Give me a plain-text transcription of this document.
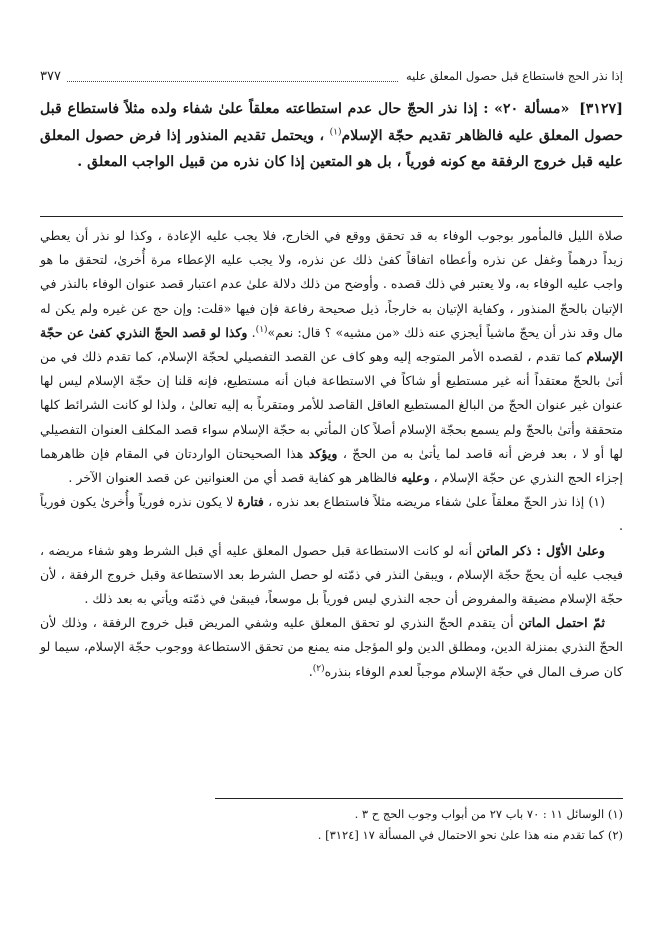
إذا نذر الحج فاستطاع قبل حصول المعلق عليه
٣٧٧
[٣١٢٧] «مسألة ٢٠» : إذا نذر الحجّ حال عدم استطاعته معلقاً علىٰ شفاء ولده مثلاً فاستطاع قبل حصول المعلق عليه فالظاهر تقديم حجّة الإسلام$^{(١)}$ ، ويحتمل تقديم المنذور إذا فرض حصول المعلق عليه قبل خروج الرفقة مع كونه فورياً ، بل هو المتعين إذا كان نذره من قبيل الواجب المعلق .

صلاة الليل فالمأمور بوجوب الوفاء به قد تحقق ووقع في الخارج، فلا يجب عليه الإعادة ، وكذا لو نذر أن يعطي زيداً درهماً وغفل عن نذره وأعطاه اتفاقاً كفىٰ ذلك عن نذره، ولا يجب عليه الإعطاء مرة أُخرىٰ، لتحقق ما هو واجب عليه الوفاء به، ولا يعتبر في ذلك قصده . وأوضح من ذلك دلالة علىٰ عدم اعتبار قصد عنوان الوفاء بالنذر في الإتيان بالحجّ المنذور ، وكفاية الإتيان به خارجاً، ذيل صحيحة رفاعة فإن فيها «قلت: وإن حج عن غيره ولم يكن له مال وقد نذر أن يحجّ ماشياً أيجزي عنه ذلك «من مشيه» ؟ قال: نعم»$^{(١)}$. وكذا لو قصد الحجّ النذري كفىٰ عن حجّة الإسلام كما تقدم ، لقصده الأمر المتوجه إليه وهو كاف عن القصد التفصيلي لحجّة الإسلام، كما تقدم ذلك في من أتىٰ بالحجّ معتقداً أنه غير مستطيع أو شاكاً في الاستطاعة فبان أنه مستطيع، فإنه قلنا إن حجّة الإسلام ليس لها عنوان غير عنوان الحجّ من البالغ المستطيع العاقل القاصد للأمر ومتقرباً به إليه تعالىٰ ، ولذا لو كانت الشرائط كلها متحققة وأتىٰ بالحجّ ولم يسمع بحجّة الإسلام أصلاً كان المأتي به حجّة الإسلام سواء قصد المكلف العنوان التفصيلي لها أو لا ، بعد فرض أنه قاصد لما يأتىٰ به من الحجّ ، ويؤكد هذا الصحيحتان الواردتان في المقام فإن ظاهرهما إجزاء الحج النذري عن حجّة الإسلام ، وعليه فالظاهر هو كفاية قصد أي من العنوانين عن قصد العنوان الآخر .

(١) إذا نذر الحجّ معلقاً علىٰ شفاء مريضه مثلاً فاستطاع بعد نذره ، فتارة لا يكون نذره فورياً وأُخرىٰ يكون فورياً .

وعلىٰ الأوّل : ذكر الماتن أنه لو كانت الاستطاعة قبل حصول المعلق عليه أي قبل الشرط وهو شفاء مريضه ، فيجب عليه أن يحجّ حجّة الإسلام ، ويبقىٰ النذر في ذمّته لو حصل الشرط بعد الاستطاعة وقبل خروج الرفقة ، لأن حجّة الإسلام مضيقة والمفروض أن حجه النذري ليس فورياً بل موسعاً، فيبقىٰ في ذمّته ويأتي به بعد ذلك .

ثمّ احتمل الماتن أن يتقدم الحجّ النذري لو تحقق المعلق عليه وشفي المريض قبل خروج الرفقة ، وذلك لأن الحجّ النذري بمنزلة الدين، ومطلق الدين ولو المؤجل منه يمنع من تحقق الاستطاعة ووجوب حجّة الإسلام، سيما لو كان صرف المال في حجّة الإسلام موجباً لعدم الوفاء بنذره$^{(٢)}$.

(١) الوسائل ١١ : ٧٠ باب ٢٧ من أبواب وجوب الحج ح ٣ .

(٢) كما تقدم منه هذا علىٰ نحو الاحتمال في المسألة ١٧ [٣١٢٤] .
